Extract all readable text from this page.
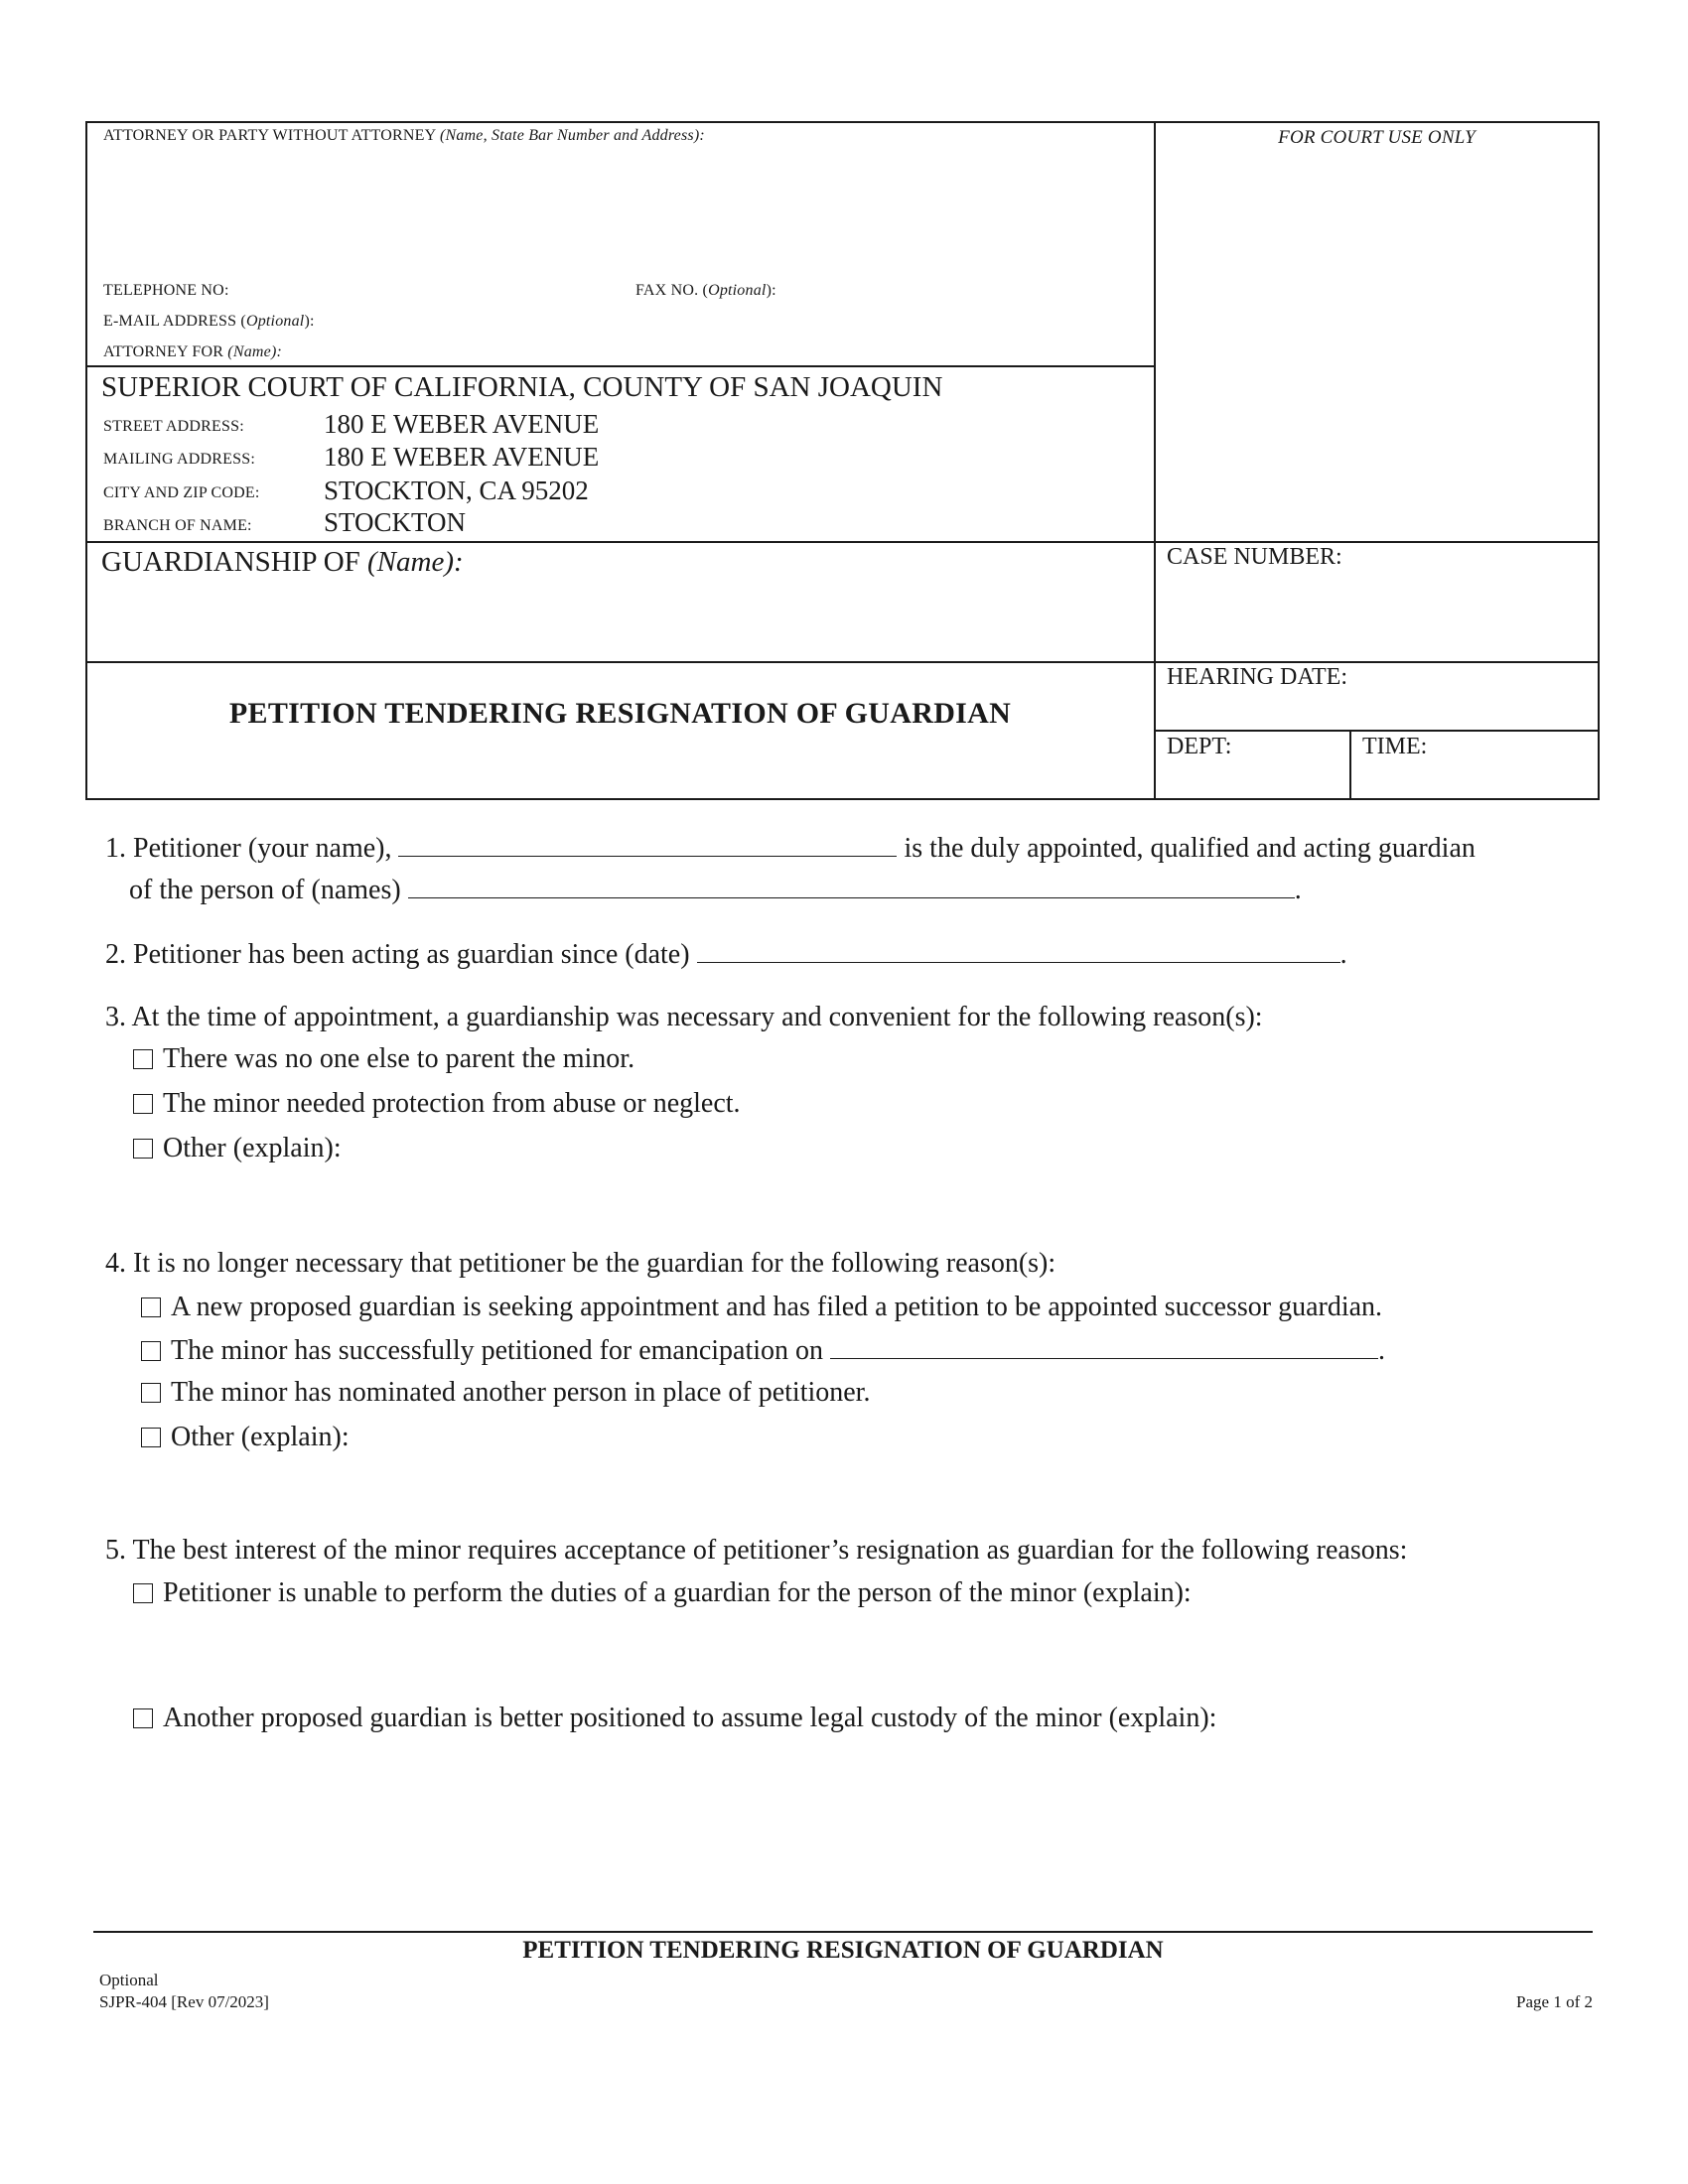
ATTORNEY OR PARTY WITHOUT ATTORNEY (Name, State Bar Number and Address):	FOR COURT USE ONLY
TELEPHONE NO:	FAX NO. (Optional):
E-MAIL ADDRESS (Optional):
ATTORNEY FOR (Name):
SUPERIOR COURT OF CALIFORNIA, COUNTY OF SAN JOAQUIN
STREET ADDRESS:	180 E WEBER AVENUE
MAILING ADDRESS:	180 E WEBER AVENUE
CITY AND ZIP CODE: STOCKTON, CA 95202
BRANCH OF NAME:	STOCKTON
GUARDIANSHIP OF (Name):	CASE NUMBER:
HEARING DATE:
DEPT:	TIME:
PETITION TENDERING RESIGNATION OF GUARDIAN
1. Petitioner (your name),	is the duly appointed, qualified and acting guardian
of the person of (names)	.
2. Petitioner has been acting as guardian since (date)	.
3. At the time of appointment, a guardianship was necessary and convenient for the following reason(s):
There was no one else to parent the minor.
The minor needed protection from abuse or neglect.
Other (explain):
4. It is no longer necessary that petitioner be the guardian for the following reason(s):
A new proposed guardian is seeking appointment and has filed a petition to be appointed successor guardian.
The minor has successfully petitioned for emancipation on	.
The minor has nominated another person in place of petitioner.
Other (explain):
5. The best interest of the minor requires acceptance of petitioner’s resignation as guardian for the following reasons:
Petitioner is unable to perform the duties of a guardian for the person of the minor (explain):
Another proposed guardian is better positioned to assume legal custody of the minor (explain):
PETITION TENDERING RESIGNATION OF GUARDIAN
Optional
SJPR-404 [Rev 07/2023]	Page 1 of 2
